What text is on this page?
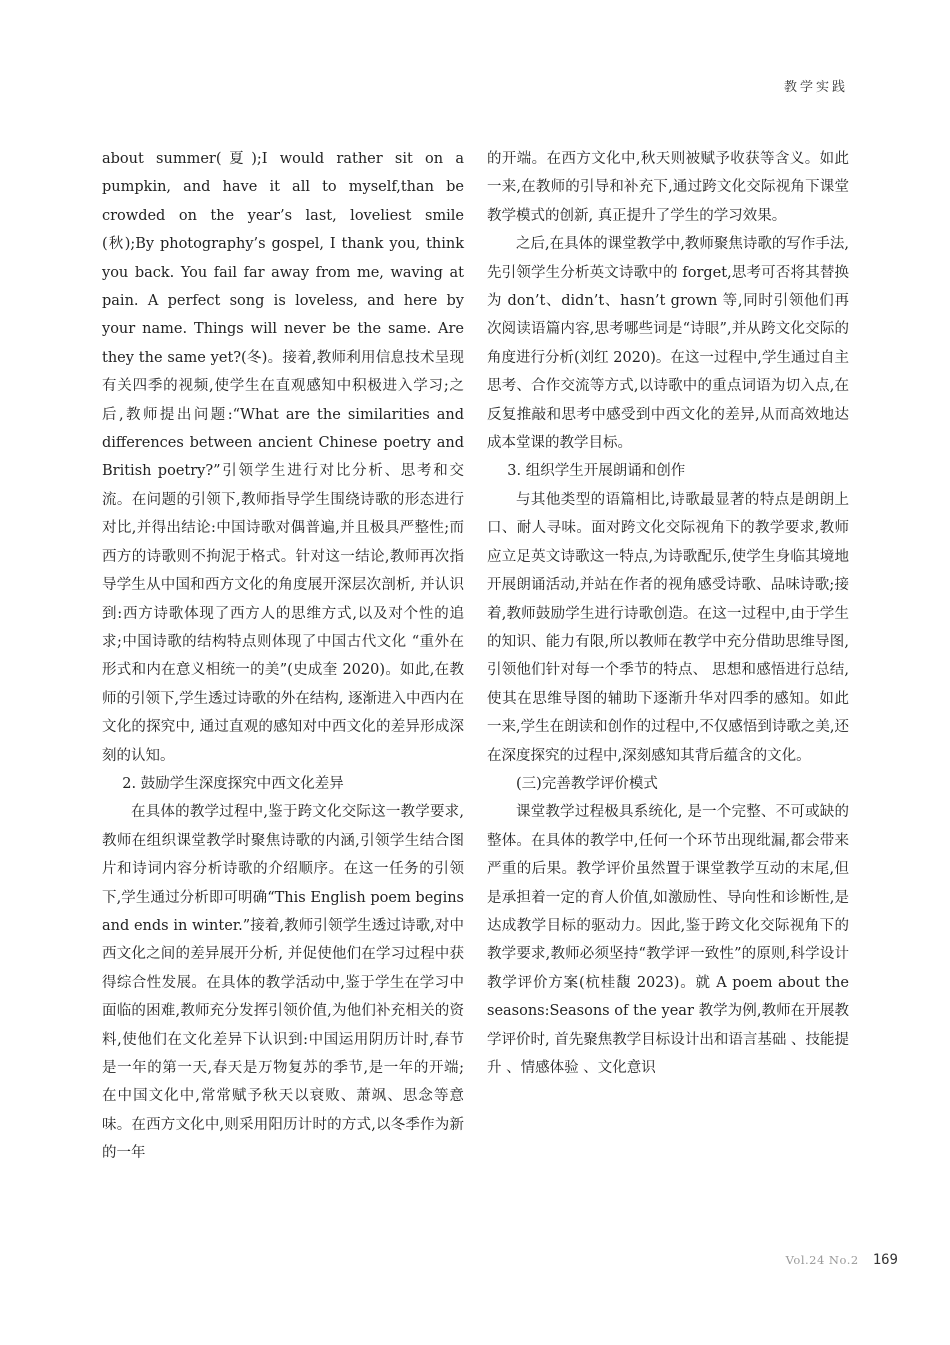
教学实践

about summer(夏);I would rather sit on a pumpkin, and have it all to myself,than be crowded on the year’s last, loveliest smile (秋);By photography’s gospel, I thank you, think you back. You fail far away from me, waving at pain. A perfect song is loveless, and here by your name. Things will never be the same. Are they the same yet?(冬)。接着,教师利用信息技术呈现有关四季的视频,使学生在直观感知中积极进入学习;之后,教师提出问题:“What are the similarities and differences between ancient Chinese poetry and British poetry?”引领学生进行对比分析、思考和交流。在问题的引领下,教师指导学生围绕诗歌的形态进行对比,并得出结论:中国诗歌对偶普遍,并且极具严整性;而西方的诗歌则不拘泥于格式。针对这一结论,教师再次指导学生从中国和西方文化的角度展开深层次剖析, 并认识到:西方诗歌体现了西方人的思维方式,以及对个性的追求;中国诗歌的结构特点则体现了中国古代文化 “重外在形式和内在意义相统一的美”(史成奎 2020)。如此,在教师的引领下,学生透过诗歌的外在结构, 逐渐进入中西内在文化的探究中, 通过直观的感知对中西文化的差异形成深刻的认知。

2. 鼓励学生深度探究中西文化差异

在具体的教学过程中,鉴于跨文化交际这一教学要求, 教师在组织课堂教学时聚焦诗歌的内涵,引领学生结合图片和诗词内容分析诗歌的介绍顺序。在这一任务的引领下,学生通过分析即可明确“This English poem begins and ends in winter.”接着,教师引领学生透过诗歌,对中西文化之间的差异展开分析, 并促使他们在学习过程中获得综合性发展。在具体的教学活动中,鉴于学生在学习中面临的困难,教师充分发挥引领价值,为他们补充相关的资料,使他们在文化差异下认识到:中国运用阴历计时,春节是一年的第一天,春天是万物复苏的季节,是一年的开端;在中国文化中,常常赋予秋天以衰败、萧飒、思念等意味。在西方文化中,则采用阳历计时的方式,以冬季作为新的一年

的开端。在西方文化中,秋天则被赋予收获等含义。如此一来,在教师的引导和补充下,通过跨文化交际视角下课堂教学模式的创新, 真正提升了学生的学习效果。

之后,在具体的课堂教学中,教师聚焦诗歌的写作手法, 先引领学生分析英文诗歌中的 forget,思考可否将其替换为 don’t、didn’t、hasn’t grown 等,同时引领他们再次阅读语篇内容,思考哪些词是“诗眼”,并从跨文化交际的角度进行分析(刘红 2020)。在这一过程中,学生通过自主思考、合作交流等方式,以诗歌中的重点词语为切入点,在反复推敲和思考中感受到中西文化的差异,从而高效地达成本堂课的教学目标。

3. 组织学生开展朗诵和创作

与其他类型的语篇相比,诗歌最显著的特点是朗朗上口、耐人寻味。面对跨文化交际视角下的教学要求,教师应立足英文诗歌这一特点,为诗歌配乐,使学生身临其境地开展朗诵活动,并站在作者的视角感受诗歌、品味诗歌;接着,教师鼓励学生进行诗歌创造。在这一过程中,由于学生的知识、能力有限,所以教师在教学中充分借助思维导图,引领他们针对每一个季节的特点、 思想和感悟进行总结,使其在思维导图的辅助下逐渐升华对四季的感知。如此一来,学生在朗读和创作的过程中,不仅感悟到诗歌之美,还在深度探究的过程中,深刻感知其背后蕴含的文化。

(三)完善教学评价模式

课堂教学过程极具系统化, 是一个完整、不可或缺的整体。在具体的教学中,任何一个环节出现纰漏,都会带来严重的后果。教学评价虽然置于课堂教学互动的末尾,但是承担着一定的育人价值,如激励性、导向性和诊断性,是达成教学目标的驱动力。因此,鉴于跨文化交际视角下的教学要求,教师必须坚持“教学评一致性”的原则,科学设计教学评价方案(杭桂馥 2023)。就 A poem about the seasons:Seasons of the year 教学为例,教师在开展教学评价时, 首先聚焦教学目标设计出和语言基础 、技能提升 、情感体验 、文化意识

Vol.24 No.2 169
